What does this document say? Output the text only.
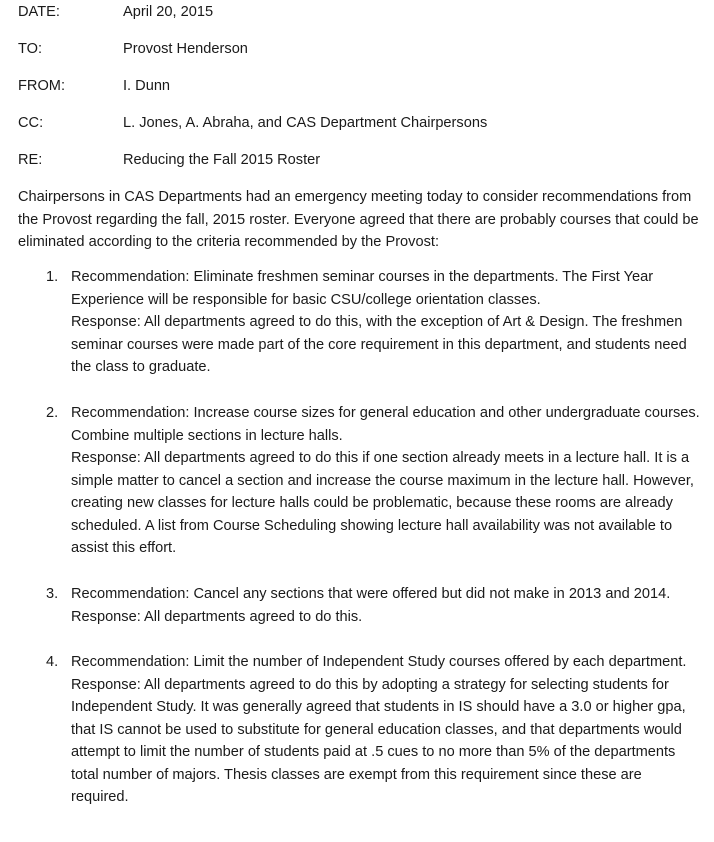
DATE:	April 20, 2015
TO:	Provost Henderson
FROM:	I. Dunn
CC:	L. Jones, A. Abraha, and CAS Department Chairpersons
RE:	Reducing the Fall 2015 Roster

Chairpersons in CAS Departments had an emergency meeting today to consider recommendations from the Provost regarding the fall, 2015 roster. Everyone agreed that there are probably courses that could be eliminated according to the criteria recommended by the Provost:

1. Recommendation: Eliminate freshmen seminar courses in the departments. The First Year Experience will be responsible for basic CSU/college orientation classes.

Response: All departments agreed to do this, with the exception of Art & Design. The freshmen seminar courses were made part of the core requirement in this department, and students need the class to graduate.

2. Recommendation: Increase course sizes for general education and other undergraduate courses. Combine multiple sections in lecture halls.

Response: All departments agreed to do this if one section already meets in a lecture hall. It is a simple matter to cancel a section and increase the course maximum in the lecture hall. However, creating new classes for lecture halls could be problematic, because these rooms are already scheduled. A list from Course Scheduling showing lecture hall availability was not available to assist this effort.

3. Recommendation: Cancel any sections that were offered but did not make in 2013 and 2014.

Response: All departments agreed to do this.

4. Recommendation: Limit the number of Independent Study courses offered by each department.

Response: All departments agreed to do this by adopting a strategy for selecting students for Independent Study. It was generally agreed that students in IS should have a 3.0 or higher gpa, that IS cannot be used to substitute for general education classes, and that departments would attempt to limit the number of students paid at .5 cues to no more than 5% of the departments total number of majors. Thesis classes are exempt from this requirement since these are required.
